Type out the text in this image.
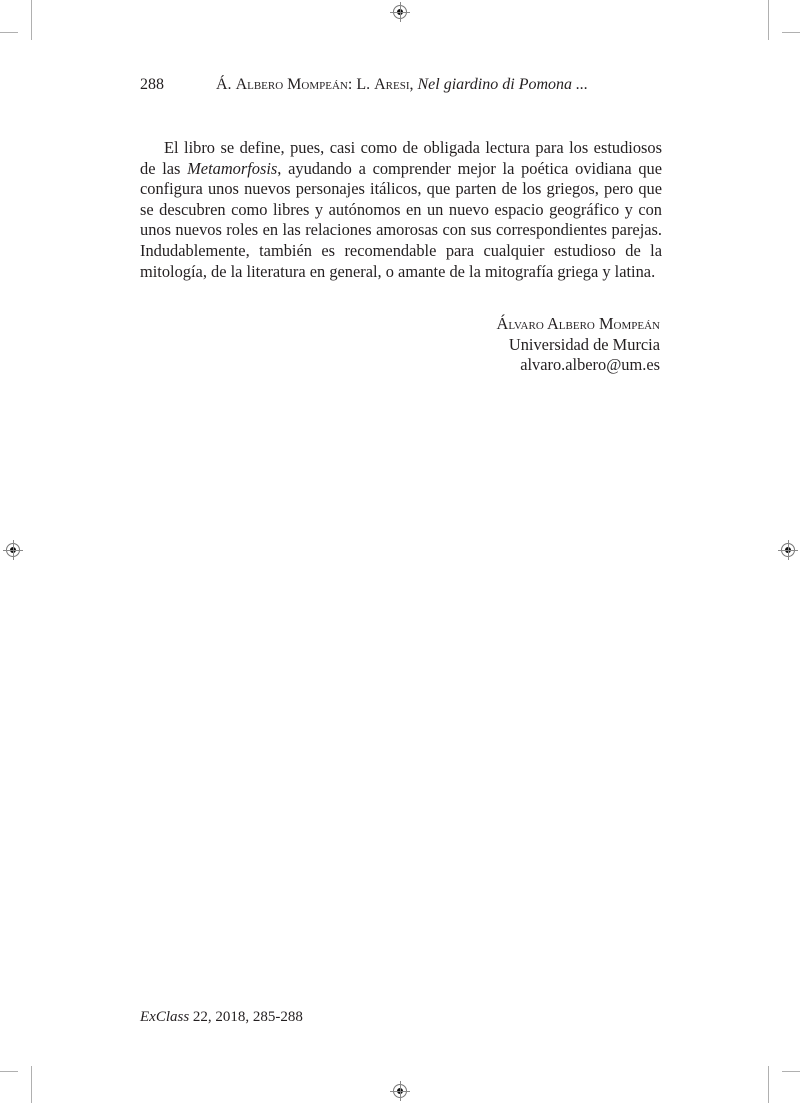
288	Á. Albero Mompeán: L. Aresi, Nel giardino di Pomona ...

El libro se define, pues, casi como de obligada lectura para los estudiosos de las Metamorfosis, ayudando a comprender mejor la poética ovidiana que configura unos nuevos personajes itálicos, que parten de los griegos, pero que se descubren como libres y autónomos en un nuevo espacio geográfico y con unos nuevos roles en las relaciones amorosas con sus correspondientes parejas. Indudablemente, también es recomendable para cualquier estudioso de la mitología, de la literatura en general, o amante de la mitografía griega y latina.

Álvaro Albero Mompeán
Universidad de Murcia
alvaro.albero@um.es
ExClass 22, 2018, 285-288
